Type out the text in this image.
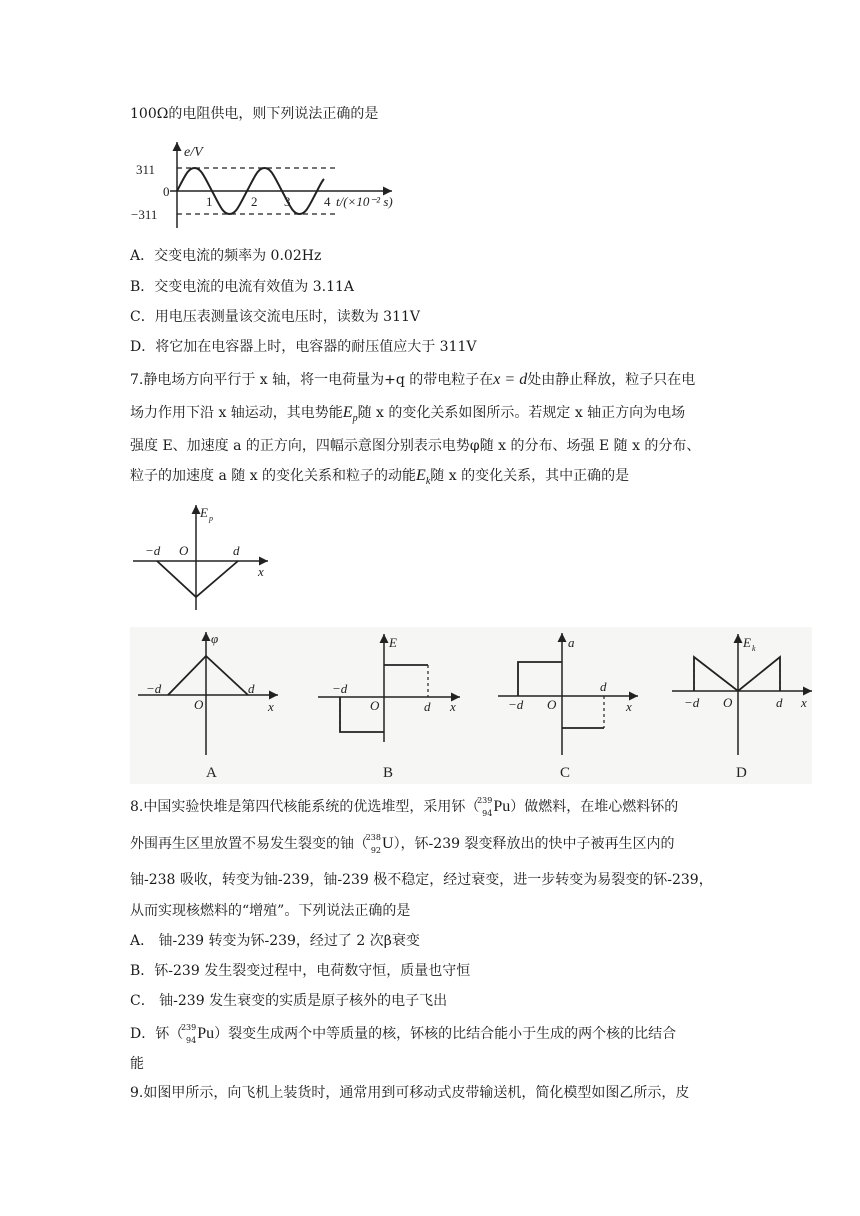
100Ω的电阻供电，则下列说法正确的是
e/V
311
0
−311
1	2 3	4 t/(×10⁻² s)
A．交变电流的频率为 0.02Hz
B．交变电流的电流有效值为 3.11A
C．用电压表测量该交流电压时，读数为 311V
D．将它加在电容器上时，电容器的耐压值应大于 311V
7.静电场方向平行于 x 轴，将一电荷量为+q 的带电粒子在x = d处由静止释放，粒子只在电
场力作用下沿 x 轴运动，其电势能$E_p$随 x 的变化关系如图所示。若规定 x 轴正方向为电场
强度 E、加速度 a 的正方向，四幅示意图分别表示电势φ随 x 的分布、场强 E 随 x 的分布、
粒子的加速度 a 随 x 的变化关系和粒子的动能$E_k$随 x 的变化关系，其中正确的是
E p
−d O	d
x
φ
−d
O
d
x
A
E
−d
O	d x
B
a
−d O
d
x
C
E k
−d O	d x
D
8.中国实验快堆是第四代核能系统的优选堆型，采用钚（
239
94 Pu）做燃料，在堆心燃料钚的
外围再生区里放置不易发生裂变的铀（
238
92 U），钚-239 裂变释放出的快中子被再生区内的
铀-238 吸收，转变为铀-239，铀-239 极不稳定，经过衰变，进一步转变为易裂变的钚-239，
从而实现核燃料的“增殖”。下列说法正确的是
A． 铀-239 转变为钚-239，经过了 2 次β衰变
B．钚-239 发生裂变过程中，电荷数守恒，质量也守恒
C． 铀-239 发生衰变的实质是原子核外的电子飞出
D．钚（
239
94 Pu）裂变生成两个中等质量的核，钚核的比结合能小于生成的两个核的比结合
能
9.如图甲所示，向飞机上装货时，通常用到可移动式皮带输送机，简化模型如图乙所示，皮
